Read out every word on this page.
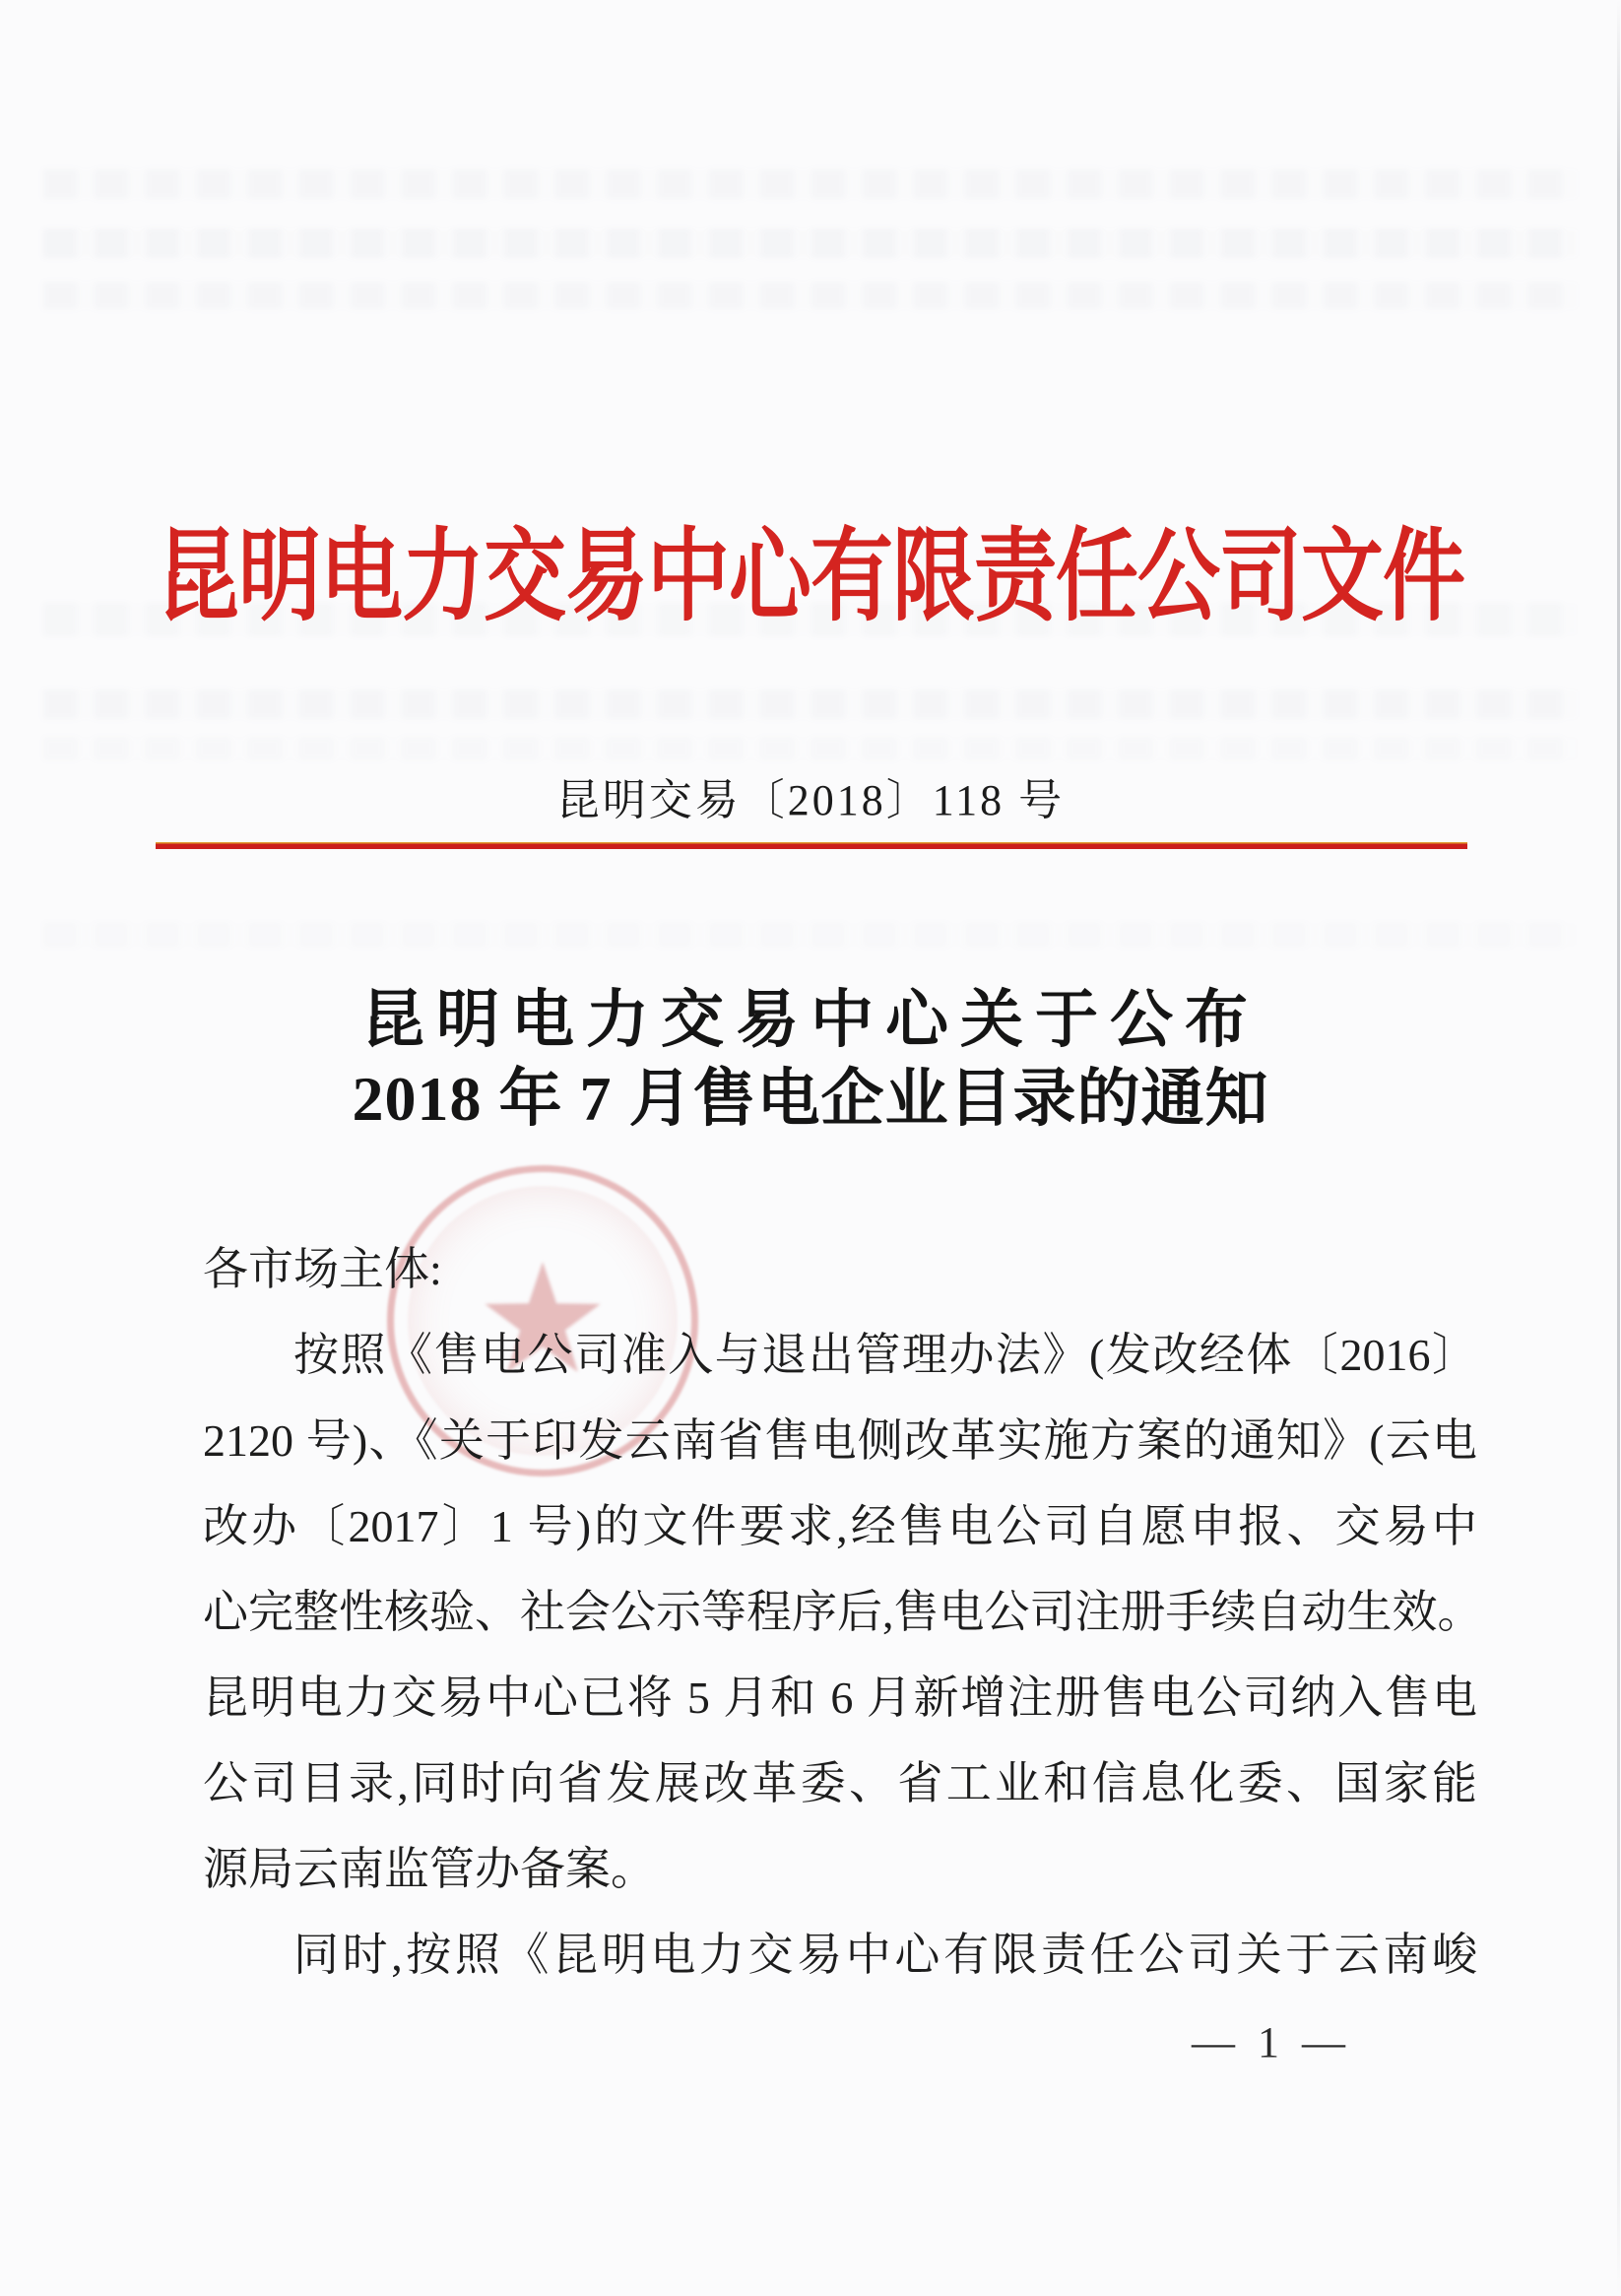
昆明电力交易中心有限责任公司文件
昆明交易〔2018〕118 号
昆明电力交易中心关于公布
2018 年 7 月售电企业目录的通知
各市场主体:
按照《售电公司准入与退出管理办法》(发改经体〔2016〕
2120 号)、《关于印发云南省售电侧改革实施方案的通知》(云电
改办〔2017〕1 号)的文件要求,经售电公司自愿申报、交易中
心完整性核验、社会公示等程序后,售电公司注册手续自动生效。
昆明电力交易中心已将 5 月和 6 月新增注册售电公司纳入售电
公司目录,同时向省发展改革委、省工业和信息化委、国家能
源局云南监管办备案。
同时,按照《昆明电力交易中心有限责任公司关于云南峻
— 1 —
